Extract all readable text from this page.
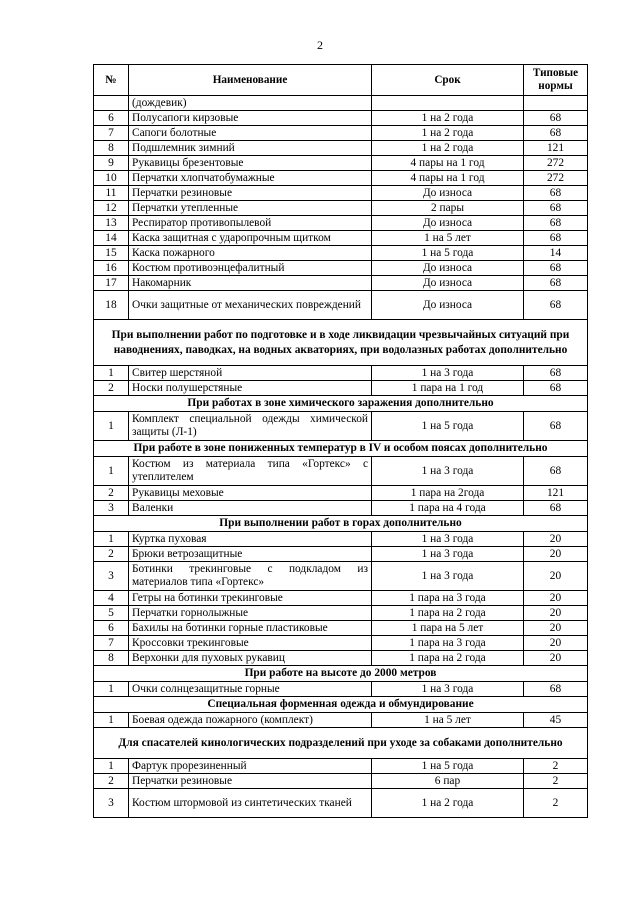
2
№	Наименование	Срок	Типовые нормы
	(дождевик)		
6	Полусапоги кирзовые	1 на 2 года	68
7	Сапоги болотные	1 на 2 года	68
8	Подшлемник зимний	1 на 2 года	121
9	Рукавицы брезентовые	4 пары на 1 год	272
10	Перчатки хлопчатобумажные	4 пары на 1 год	272
11	Перчатки резиновые	До износа	68
12	Перчатки утепленные	2 пары	68
13	Респиратор противопылевой	До износа	68
14	Каска защитная с ударопрочным щитком	1 на 5 лет	68
15	Каска пожарного	1 на 5 года	14
16	Костюм противоэнцефалитный	До износа	68
17	Накомарник	До износа	68
18	Очки защитные от механических повреждений	До износа	68
При выполнении работ по подготовке и в ходе ликвидации чрезвычайных ситуаций при наводнениях, паводках, на водных акваториях, при водолазных работах дополнительно			
1	Свитер шерстяной	1 на 3 года	68
2	Носки полушерстяные	1 пара на 1 год	68
При работах в зоне химического заражения дополнительно			
1	Комплект специальной одежды химической защиты (Л-1)	1 на 5 года	68
При работе в зоне пониженных температур в IV и особом поясах дополнительно			
1	Костюм из материала типа «Гортекс» с утеплителем	1 на 3 года	68
2	Рукавицы меховые	1 пара на 2года	121
3	Валенки	1 пара на 4 года	68
При выполнении работ в горах дополнительно			
1	Куртка пуховая	1 на 3 года	20
2	Брюки ветрозащитные	1 на 3 года	20
3	Ботинки трекинговые с подкладом из материалов типа «Гортекс»	1 на 3 года	20
4	Гетры на ботинки трекинговые	1 пара на 3 года	20
5	Перчатки горнолыжные	1 пара на 2 года	20
6	Бахилы на ботинки горные пластиковые	1 пара на 5 лет	20
7	Кроссовки трекинговые	1 пара на 3 года	20
8	Верхонки для пуховых рукавиц	1 пара на 2 года	20
При работе на высоте до 2000 метров			
1	Очки солнцезащитные горные	1 на 3 года	68
Специальная форменная одежда и обмундирование			
1	Боевая одежда пожарного (комплект)	1 на 5 лет	45
Для спасателей кинологических подразделений при уходе за собаками дополнительно			
1	Фартук прорезиненный	1 на 5 года	2
2	Перчатки резиновые	6 пар	2
3	Костюм штормовой из синтетических тканей	1 на 2 года	2
